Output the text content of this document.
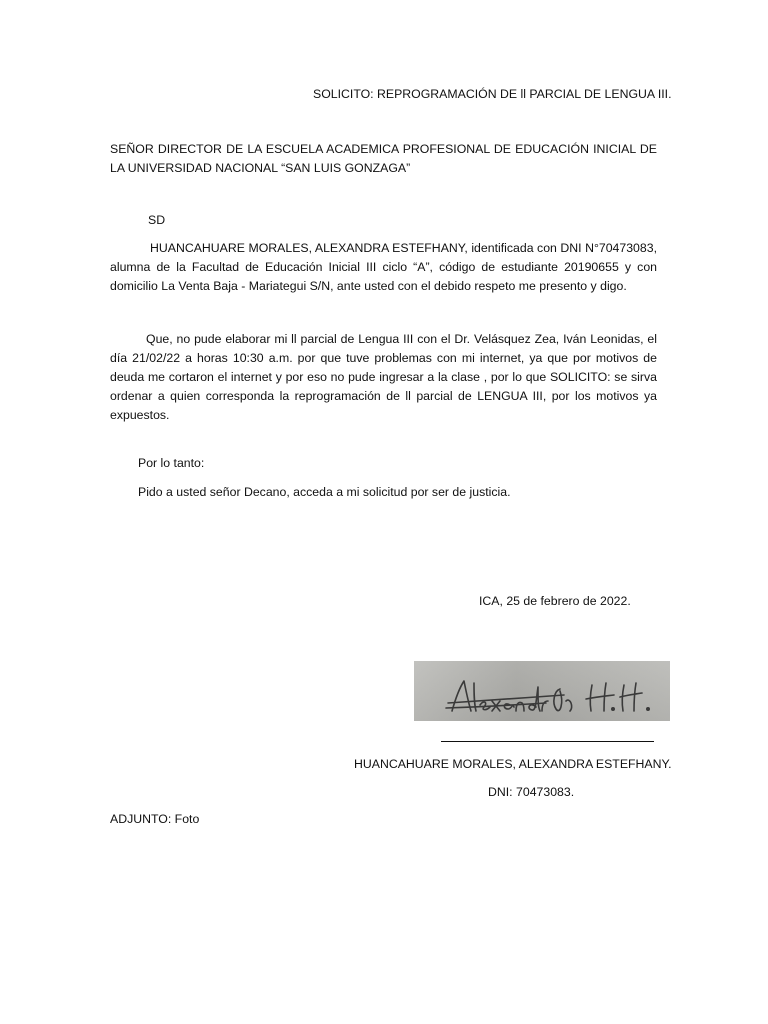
SOLICITO: REPROGRAMACIÓN DE ll PARCIAL DE LENGUA III.
SEÑOR DIRECTOR DE LA ESCUELA ACADEMICA PROFESIONAL DE EDUCACIÓN INICIAL DE LA UNIVERSIDAD NACIONAL “SAN LUIS GONZAGA”
SD
HUANCAHUARE MORALES, ALEXANDRA ESTEFHANY, identificada con DNI N°70473083, alumna de la Facultad de Educación Inicial III ciclo “A”, código de estudiante 20190655 y con domicilio La Venta Baja - Mariategui S/N, ante usted con el debido respeto me presento y digo.
Que, no pude elaborar mi ll parcial de Lengua III con el Dr. Velásquez Zea, Iván Leonidas, el día 21/02/22 a horas 10:30 a.m. por que tuve problemas con mi internet, ya que por motivos de deuda me cortaron el internet y por eso no pude ingresar a la clase , por lo que SOLICITO: se sirva ordenar a quien corresponda la reprogramación de ll parcial de LENGUA III, por los motivos ya expuestos.
Por lo tanto:
Pido a usted señor Decano, acceda a mi solicitud por ser de justicia.
ICA, 25 de febrero de 2022.
HUANCAHUARE MORALES, ALEXANDRA ESTEFHANY.
DNI: 70473083.
ADJUNTO: Foto
